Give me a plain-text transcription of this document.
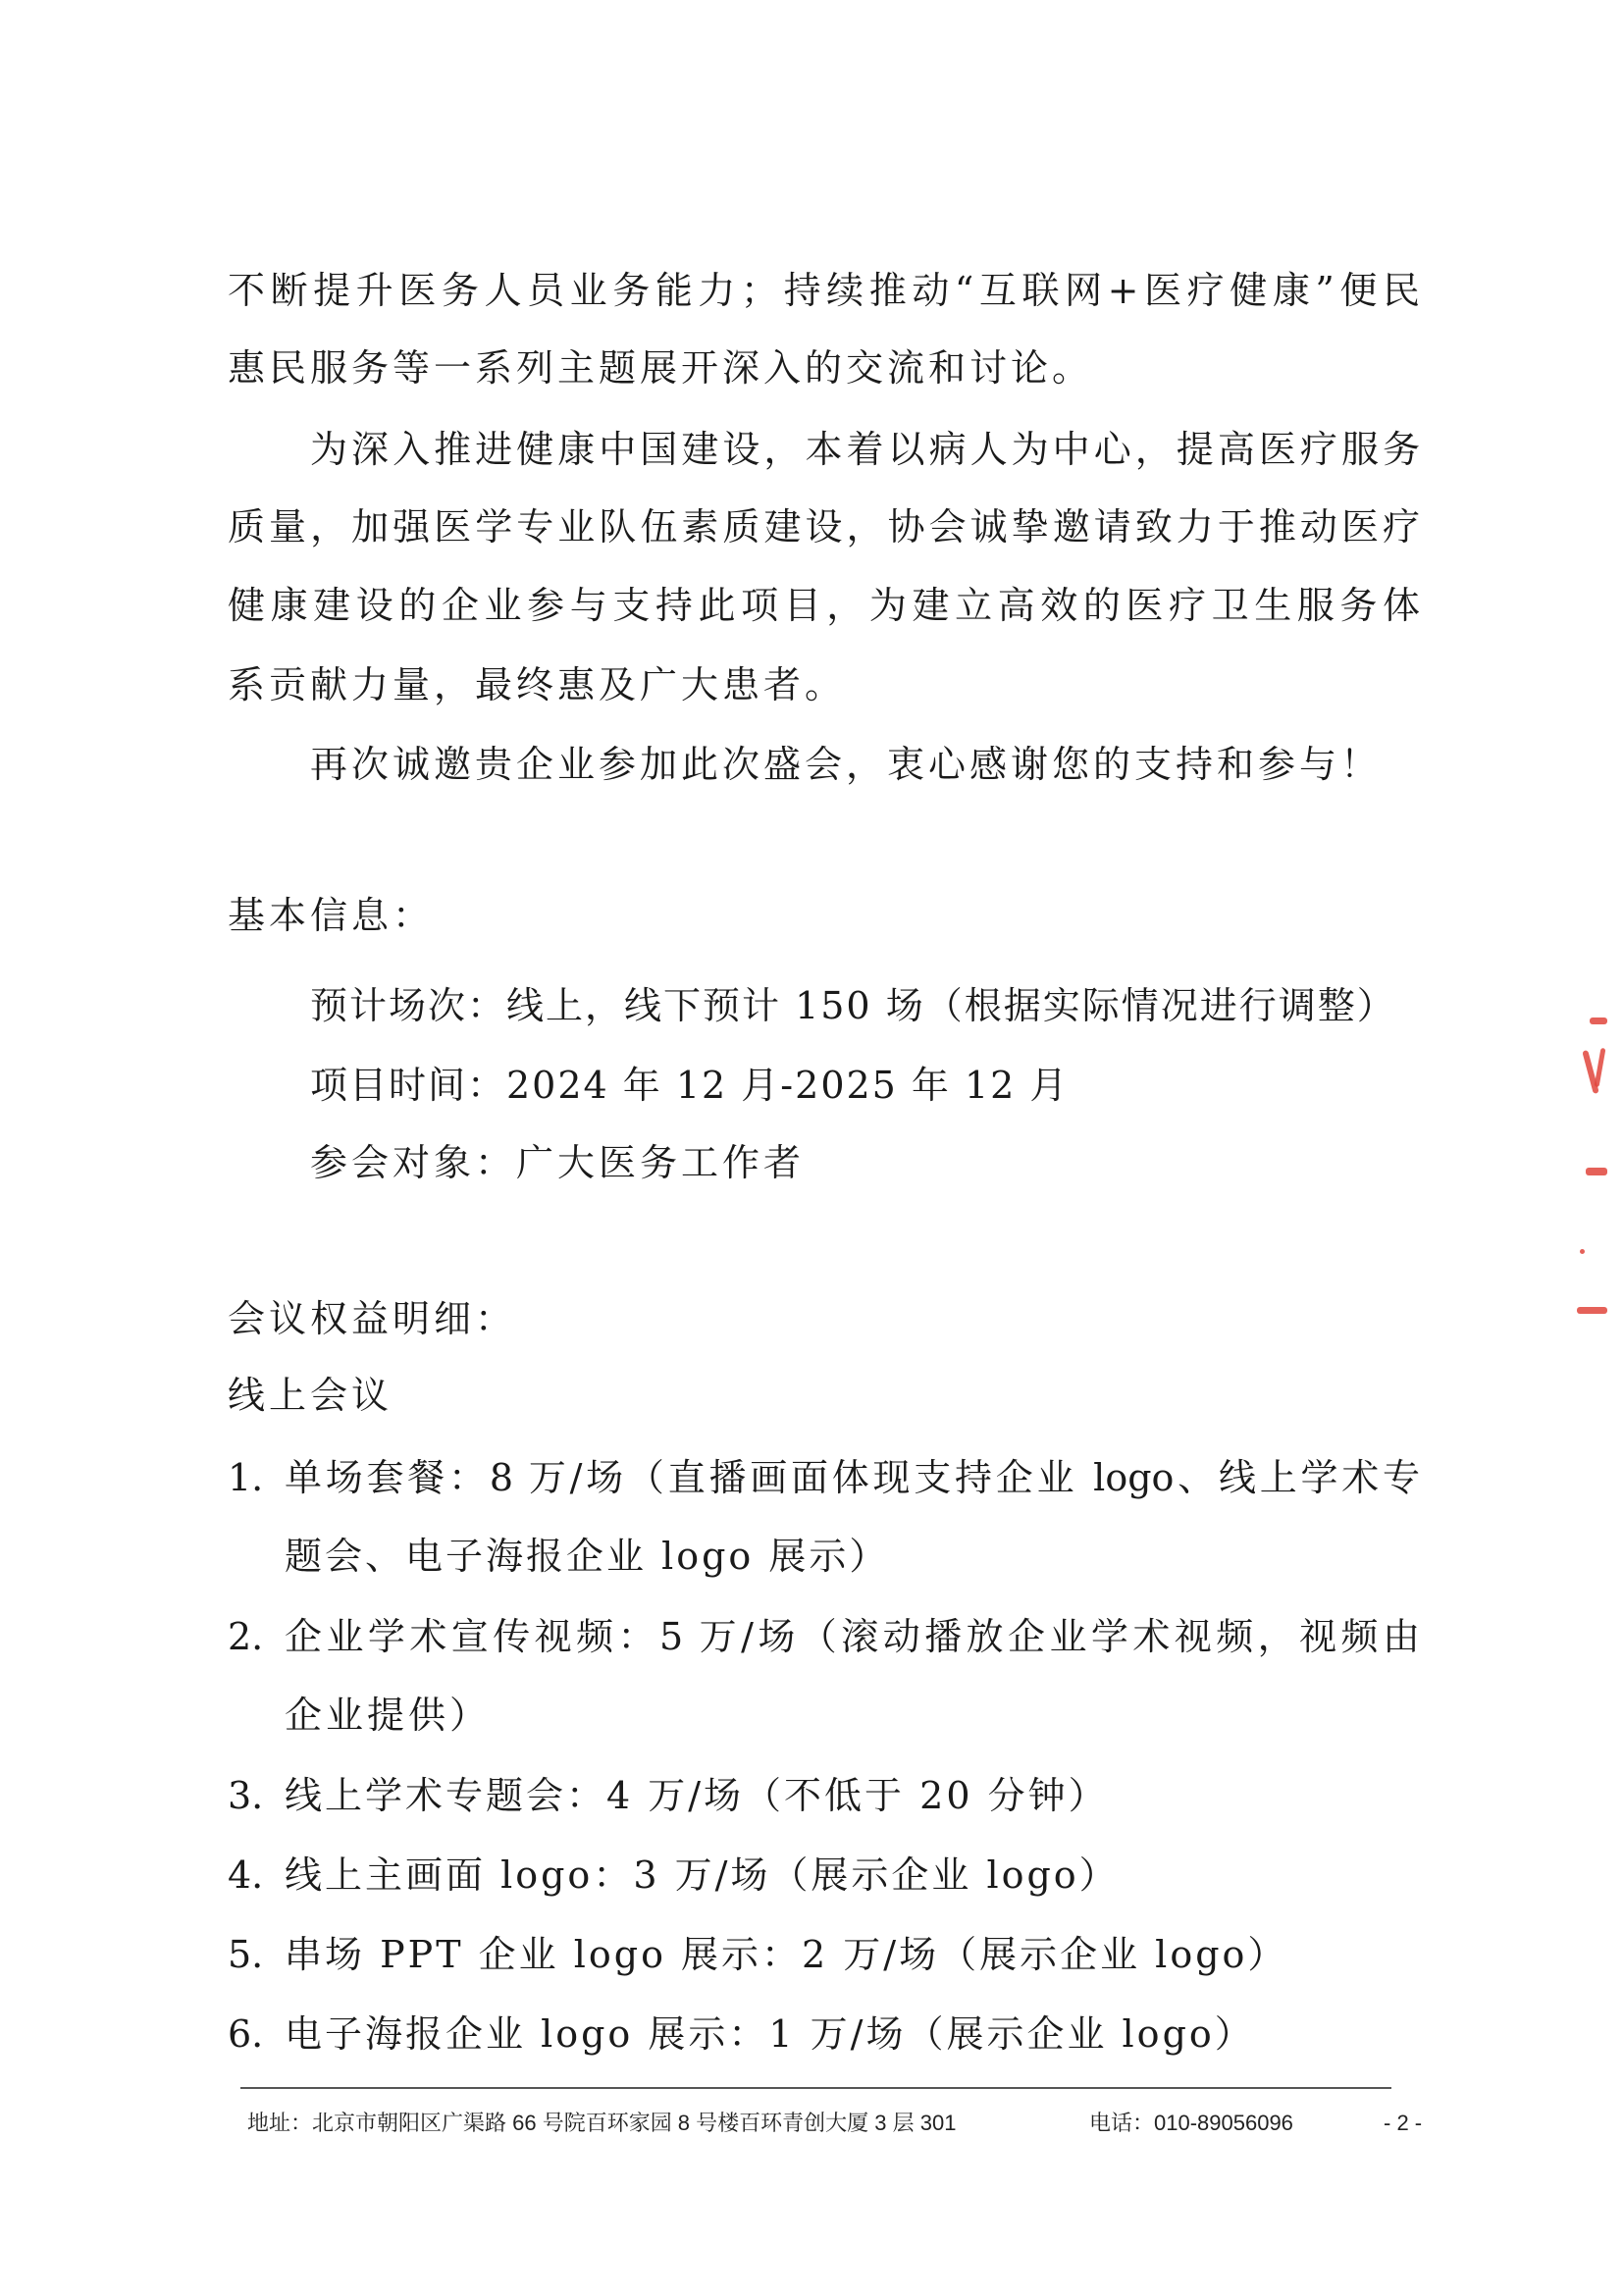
不断提升医务人员业务能力；持续推动“互联网+医疗健康”便民
惠民服务等一系列主题展开深入的交流和讨论。
为深入推进健康中国建设，本着以病人为中心，提高医疗服务
质量，加强医学专业队伍素质建设，协会诚挚邀请致力于推动医疗
健康建设的企业参与支持此项目，为建立高效的医疗卫生服务体
系贡献力量，最终惠及广大患者。
再次诚邀贵企业参加此次盛会，衷心感谢您的支持和参与！
基本信息：
预计场次：线上，线下预计 150 场（根据实际情况进行调整）
项目时间：2024 年 12 月-2025 年 12 月
参会对象：广大医务工作者
会议权益明细：
线上会议
1. 单场套餐：8 万/场（直播画面体现支持企业 logo、线上学术专
题会、电子海报企业 logo 展示）
2. 企业学术宣传视频：5 万/场（滚动播放企业学术视频，视频由
企业提供）
3. 线上学术专题会：4 万/场（不低于 20 分钟）
4. 线上主画面 logo：3 万/场（展示企业 logo）
5. 串场 PPT 企业 logo 展示：2 万/场（展示企业 logo）
6. 电子海报企业 logo 展示：1 万/场（展示企业 logo）
地址：北京市朝阳区广渠路 66 号院百环家园 8 号楼百环青创大厦 3 层 301	电话：010-89056096	- 2 -
